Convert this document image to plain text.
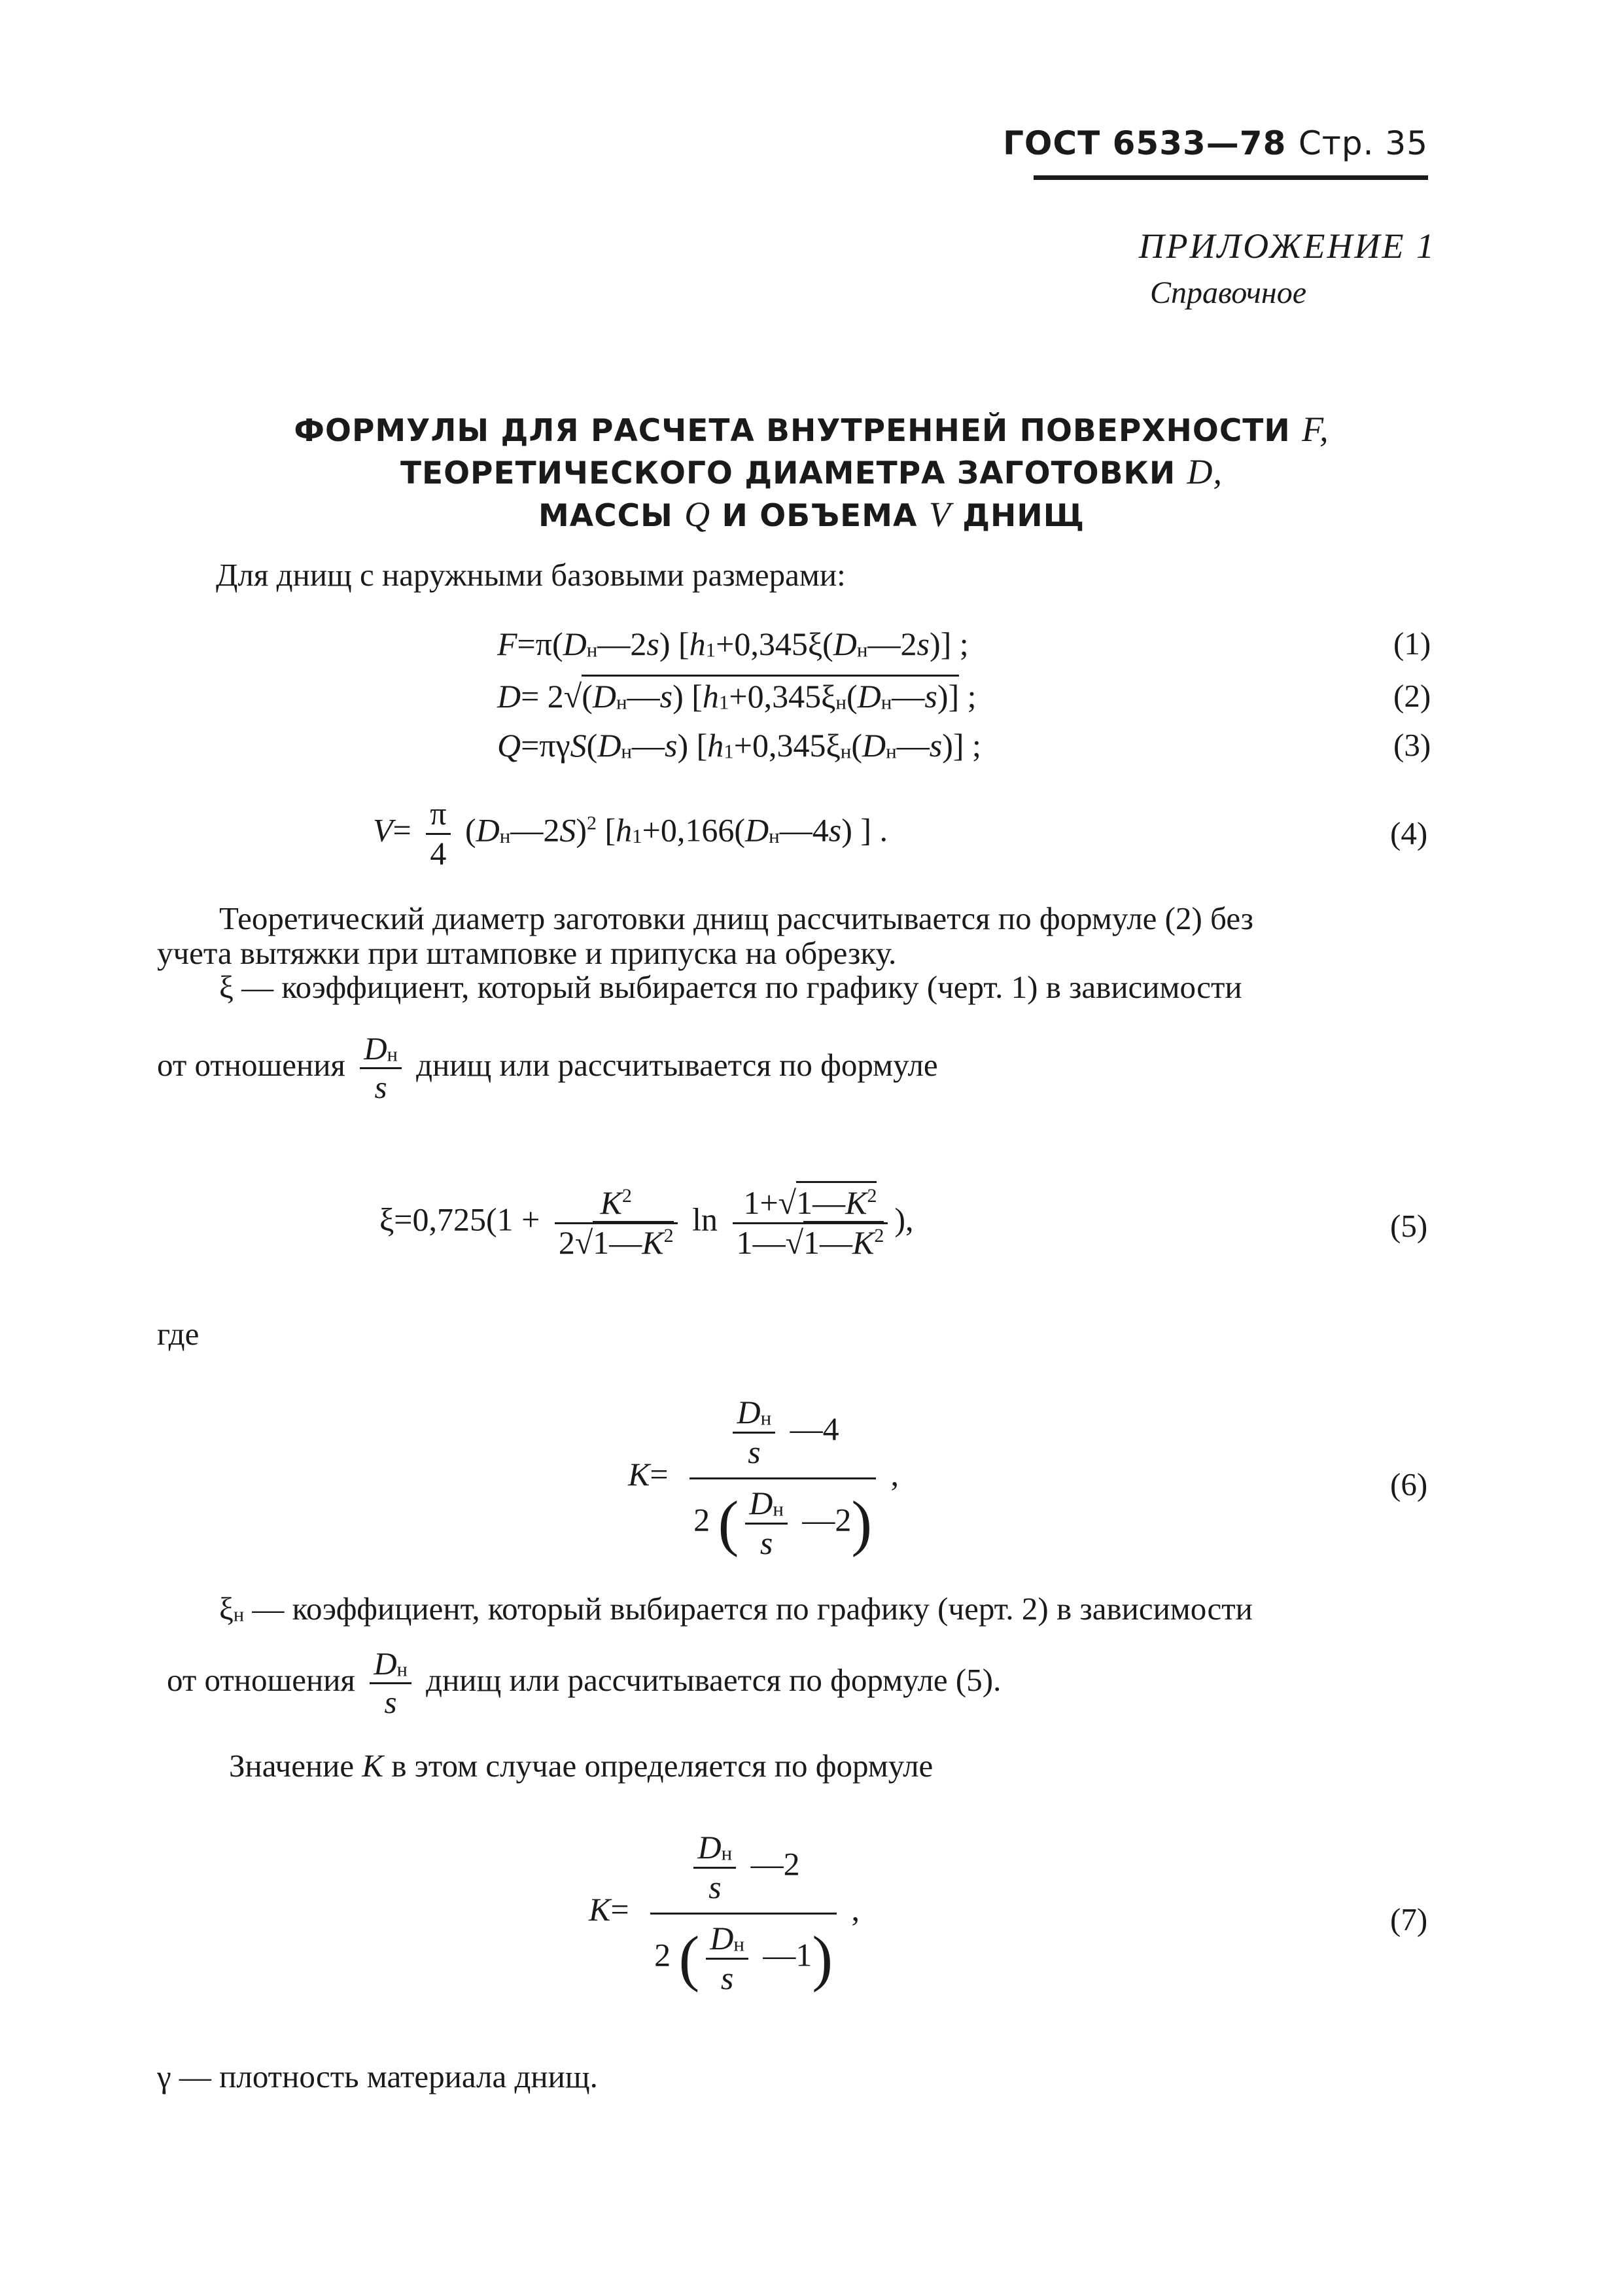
ГОСТ 6533—78 Стр. 35
ПРИЛОЖЕНИЕ 1
Справочное
ФОРМУЛЫ ДЛЯ РАСЧЕТА ВНУТРЕННЕЙ ПОВЕРХНОСТИ F,
ТЕОРЕТИЧЕСКОГО ДИАМЕТРА ЗАГОТОВКИ D,
МАССЫ Q И ОБЪЕМА V ДНИЩ
Для днищ с наружными базовыми размерами:
F=π(Dн—2s) [h1+0,345ξ(Dн—2s)] ;	(1)
D= 2√(Dн—s) [h1+0,345ξн(Dн—s)] ;	(2)
Q=πγS(Dн—s) [h1+0,345ξн(Dн—s)] ;	(3)
$V= \frac{\pi}{4}$ (Dн—2S)$^2$ [h1+0,166(Dн—4s) ] .	(4)
Теоретический диаметр заготовки днищ рассчитывается по формуле (2) без
учета вытяжки при штамповке и припуска на обрезку.
ξ — коэффициент, который выбирается по графику (черт. 1) в зависимости
от отношения $\frac{Dн}{s}$ днищ или рассчитывается по формуле
$\xi=0,725(1 + \frac{K^2}{2√1—K^2}$ $\ln \frac{1+√1—K^2}{1—√1—K^2}$ ),	(5)
где
$K= \frac{\frac{Dн}{s} —4}{2 ( \frac{Dн}{s} —2)}$ ,	(6)
ξн — коэффициент, который выбирается по графику (черт. 2) в зависимости
от отношения $\frac{Dн}{s}$ днищ или рассчитывается по формуле (5).
Значение K в этом случае определяется по формуле
$K= \frac{\frac{Dн}{s} —2}{2 ( \frac{Dн}{s} —1)}$ ,	(7)
γ — плотность материала днищ.
